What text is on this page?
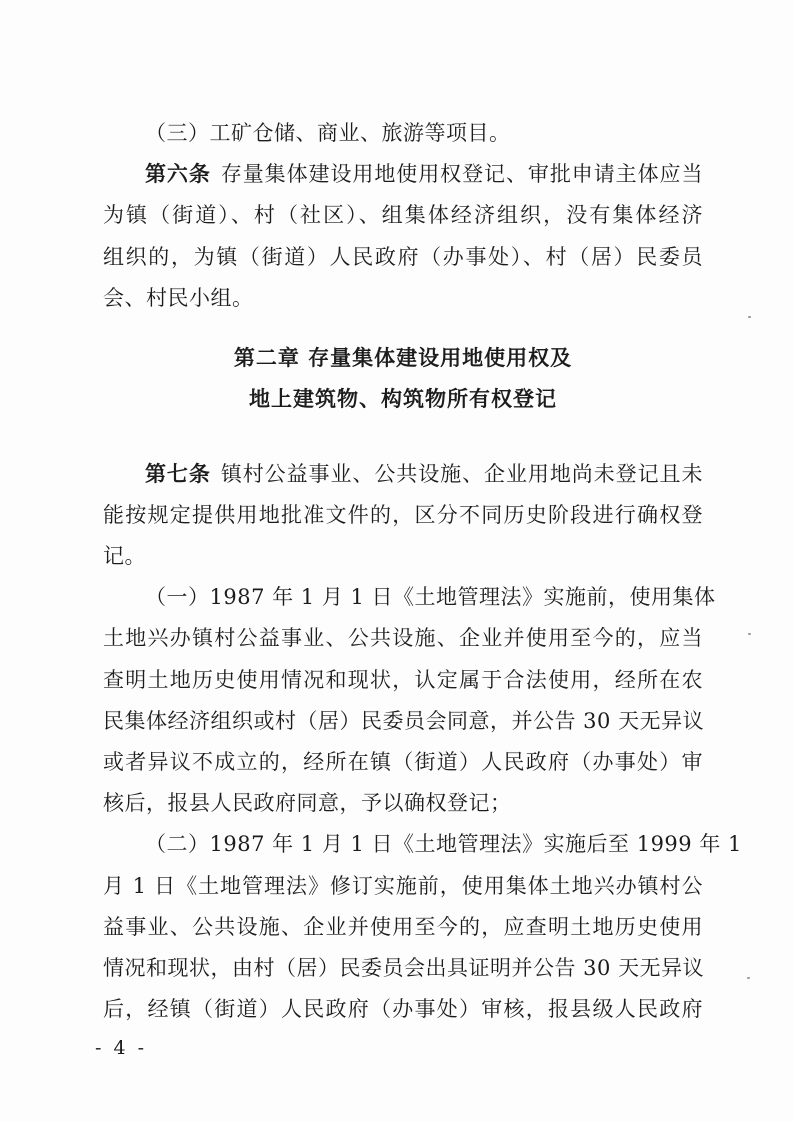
（三）工矿仓储、商业、旅游等项目。
第六条 存量集体建设用地使用权登记、审批申请主体应当
为镇（街道）、村（社区）、组集体经济组织，没有集体经济
组织的，为镇（街道）人民政府（办事处）、村（居）民委员
会、村民小组。
第二章 存量集体建设用地使用权及
地上建筑物、构筑物所有权登记
第七条 镇村公益事业、公共设施、企业用地尚未登记且未
能按规定提供用地批准文件的，区分不同历史阶段进行确权登
记。
（一）1987 年 1 月 1 日《土地管理法》实施前，使用集体
土地兴办镇村公益事业、公共设施、企业并使用至今的，应当
查明土地历史使用情况和现状，认定属于合法使用，经所在农
民集体经济组织或村（居）民委员会同意，并公告 30 天无异议
或者异议不成立的，经所在镇（街道）人民政府（办事处）审
核后，报县人民政府同意，予以确权登记；
（二）1987 年 1 月 1 日《土地管理法》实施后至 1999 年 1
月 1 日《土地管理法》修订实施前，使用集体土地兴办镇村公
益事业、公共设施、企业并使用至今的，应查明土地历史使用
情况和现状，由村（居）民委员会出具证明并公告 30 天无异议
后，经镇（街道）人民政府（办事处）审核，报县级人民政府
- 4 -
